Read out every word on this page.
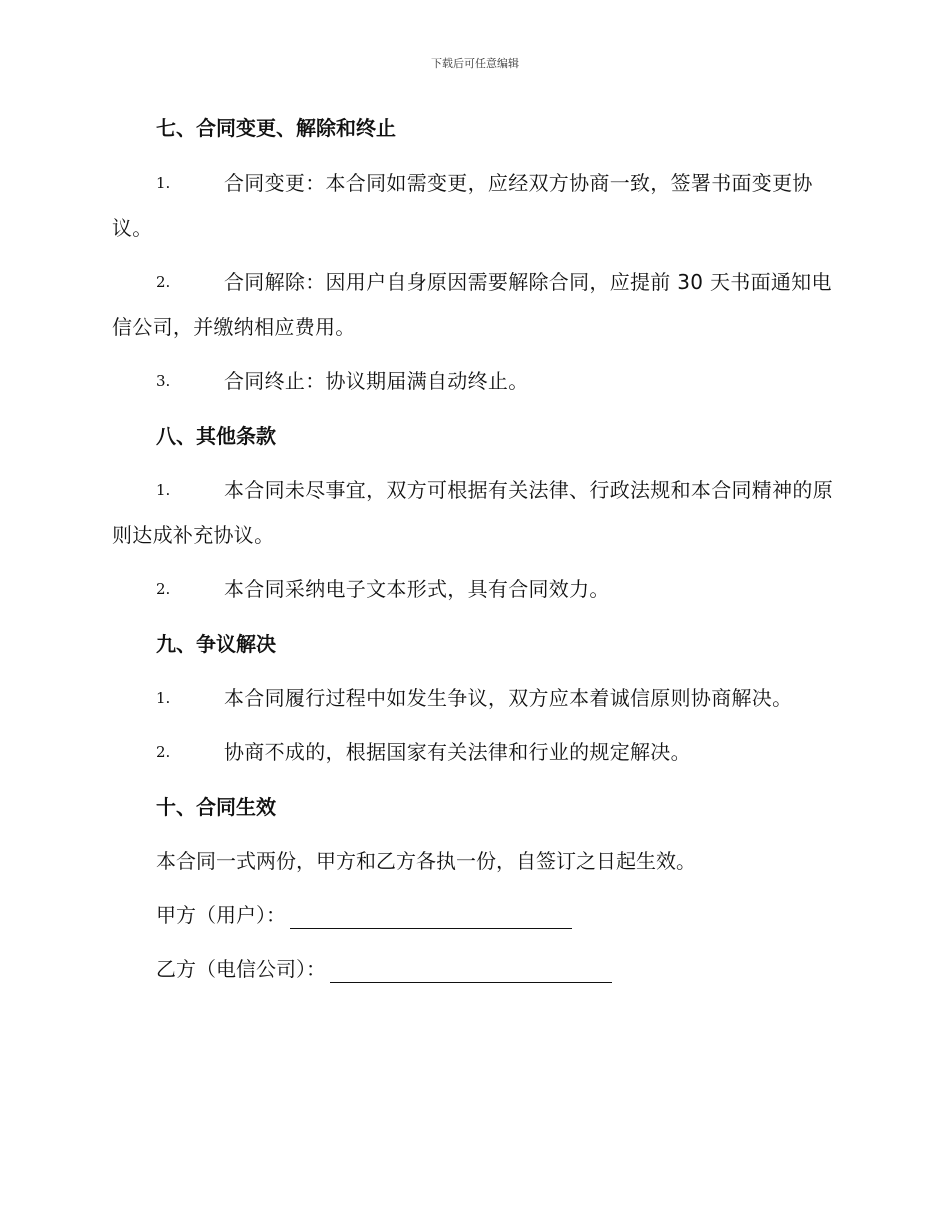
下载后可任意编辑
七、合同变更、解除和终止
1.	合同变更：本合同如需变更，应经双方协商一致，签署书面变更协议。
2.	合同解除：因用户自身原因需要解除合同，应提前 30 天书面通知电信公司，并缴纳相应费用。
3.	合同终止：协议期届满自动终止。
八、其他条款
1.	本合同未尽事宜，双方可根据有关法律、行政法规和本合同精神的原则达成补充协议。
2.	本合同采纳电子文本形式，具有合同效力。
九、争议解决
1.	本合同履行过程中如发生争议，双方应本着诚信原则协商解决。
2.	协商不成的，根据国家有关法律和行业的规定解决。
十、合同生效
本合同一式两份，甲方和乙方各执一份，自签订之日起生效。
甲方（用户）：
乙方（电信公司）：
